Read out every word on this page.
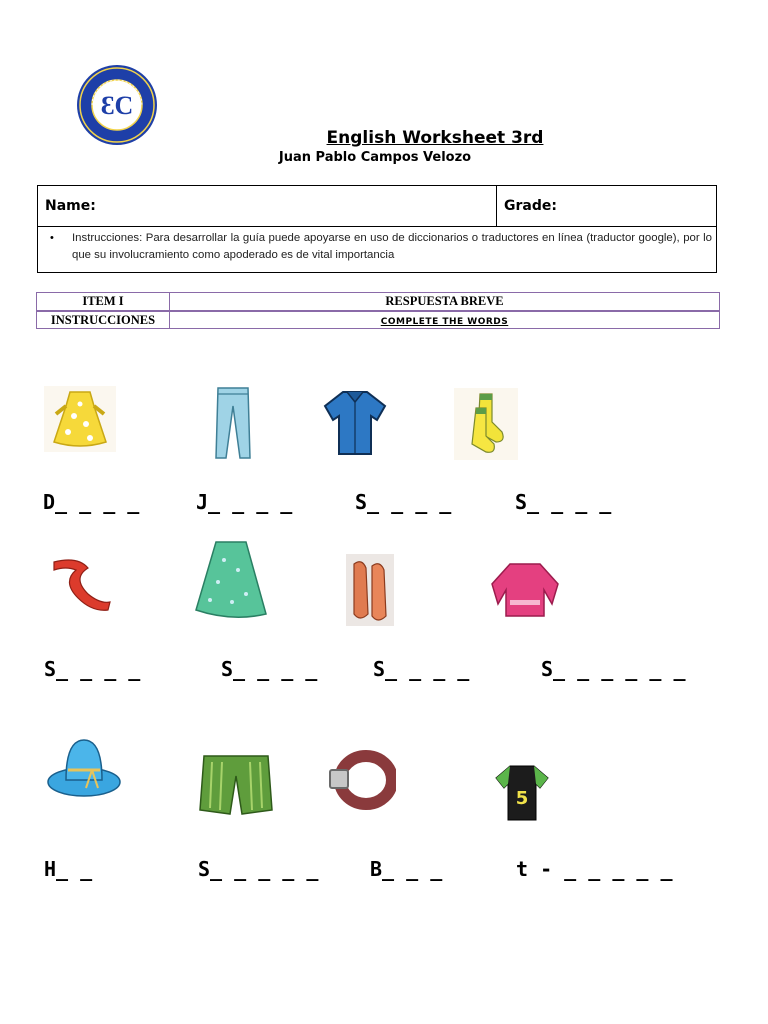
ƐC
English Worksheet 3rd
Juan Pablo Campos Velozo
Name:	Grade:
• Instrucciones: Para desarrollar la guía puede apoyarse en uso de diccionarios o traductores en línea (traductor google), por lo que su involucramiento como apoderado es de vital importancia
ITEM I	RESPUESTA BREVE
INSTRUCCIONES	COMPLETE THE WORDS
D_ _ _ _	J_ _ _ _	S_ _ _ _	S_ _ _ _
S_ _ _ _	S_ _ _ _	S_ _ _ _	S_ _ _ _ _ _
5
H_ _	S_ _ _ _ _	B_ _ _	t - _ _ _ _ _
